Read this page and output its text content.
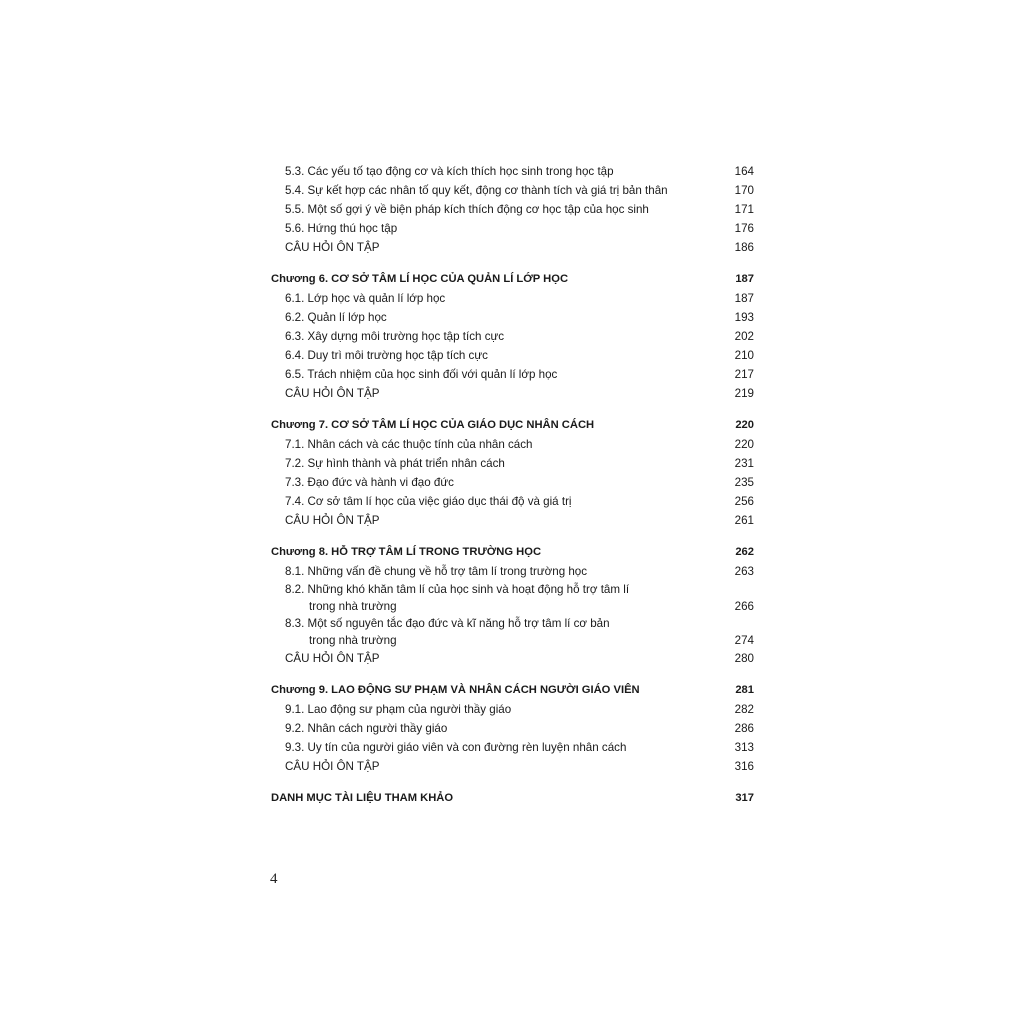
5.3. Các yếu tố tạo động cơ và kích thích học sinh trong học tập	164
5.4. Sự kết hợp các nhân tố quy kết, động cơ thành tích và giá trị bản thân	170
5.5. Một số gợi ý về biện pháp kích thích động cơ học tập của học sinh	171
5.6. Hứng thú học tập	176
CÂU HỎI ÔN TẬP	186
Chương 6. CƠ SỞ TÂM LÍ HỌC CỦA QUẢN LÍ LỚP HỌC	187
6.1. Lớp học và quản lí lớp học	187
6.2. Quản lí lớp học	193
6.3. Xây dựng môi trường học tập tích cực	202
6.4. Duy trì môi trường học tập tích cực	210
6.5. Trách nhiệm của học sinh đối với quản lí lớp học	217
CÂU HỎI ÔN TẬP	219
Chương 7. CƠ SỞ TÂM LÍ HỌC CỦA GIÁO DỤC NHÂN CÁCH	220
7.1. Nhân cách và các thuộc tính của nhân cách	220
7.2. Sự hình thành và phát triển nhân cách	231
7.3. Đạo đức và hành vi đạo đức	235
7.4. Cơ sở tâm lí học của việc giáo dục thái độ và giá trị	256
CÂU HỎI ÔN TẬP	261
Chương 8. HỖ TRỢ TÂM LÍ TRONG TRƯỜNG HỌC	262
8.1. Những vấn đề chung về hỗ trợ tâm lí trong trường học	263
8.2. Những khó khăn tâm lí của học sinh và hoạt động hỗ trợ tâm lí
trong nhà trường	266
8.3. Một số nguyên tắc đạo đức và kĩ năng hỗ trợ tâm lí cơ bản
trong nhà trường	274
CÂU HỎI ÔN TẬP	280
Chương 9. LAO ĐỘNG SƯ PHẠM VÀ NHÂN CÁCH NGƯỜI GIÁO VIÊN	281
9.1. Lao động sư phạm của người thầy giáo	282
9.2. Nhân cách người thầy giáo	286
9.3. Uy tín của người giáo viên và con đường rèn luyện nhân cách	313
CÂU HỎI ÔN TẬP	316
DANH MỤC TÀI LIỆU THAM KHẢO	317
4
